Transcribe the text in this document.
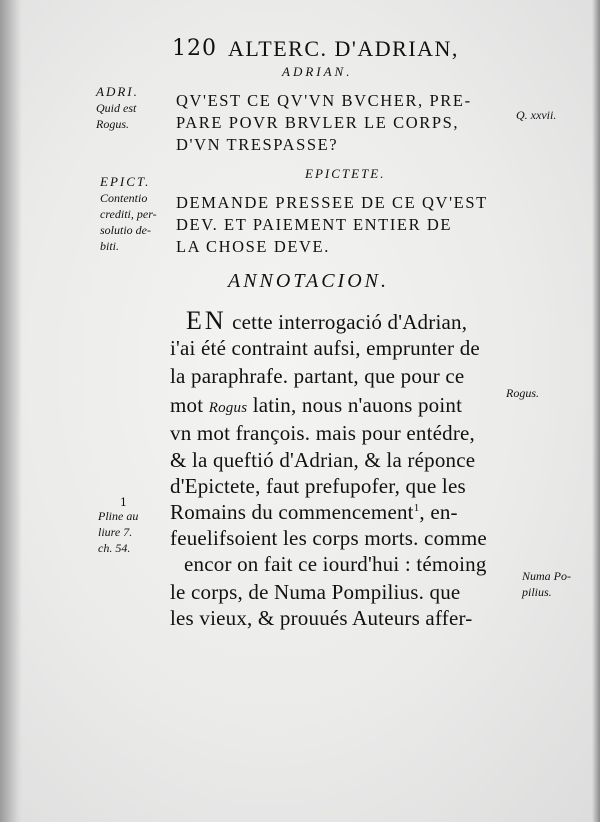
120 ALTERC. D'ADRIAN,
ADRIAN.
ADRI.
Quid est
Rogus.
QV'EST CE QV'VN BVCHER, PRE-
PARE POVR BRVLER LE CORPS,
D'VN TRESPASSE?
Q. xxvii.
EPICTETE.
EPICT.
Contentio
crediti, per-
solutio de-
biti.
DEMANDE PRESSEE DE CE QV'EST
DEV. ET PAIEMENT ENTIER DE
LA CHOSE DEVE.
ANNOTACION.
EN cette interrogació d'Adrian,
i'ai été contraint aufsi, emprunter de
la paraphrafe. partant, que pour ce
mot Rogus latin, nous n'auons point
vn mot françois. mais pour entédre,
& la queftió d'Adrian, & la réponce
d'Epictete, faut prefupofer, que les
Romains du commencement$^1$, en-
feuelifsoient les corps morts. comme
encor on fait ce iourd'hui : témoing
le corps, de Numa Pompilius. que
les vieux, & prouués Auteurs affer-
Rogus.
Numa Po-
pilius.
1
Pline au
liure 7.
ch. 54.
